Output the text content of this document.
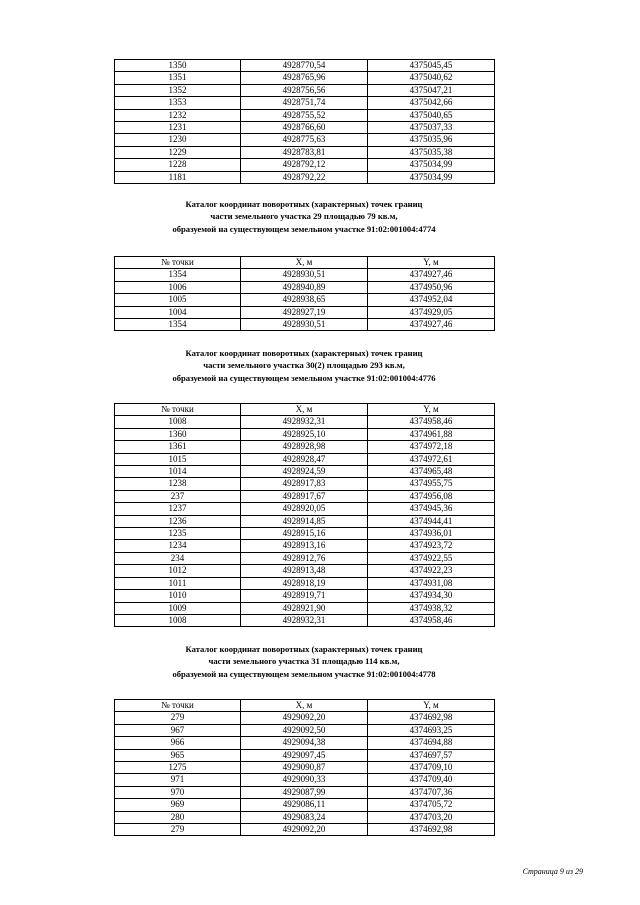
1350	4928770,54	4375045,45
1351	4928765,96	4375040,62
1352	4928756,56	4375047,21
1353	4928751,74	4375042,66
1232	4928755,52	4375040,65
1231	4928766,60	4375037,33
1230	4928775,63	4375035,96
1229	4928783,81	4375035,38
1228	4928792,12	4375034,99
1181	4928792,22	4375034,99
Каталог координат поворотных (характерных) точек границ
части земельного участка 29 площадью 79 кв.м,
образуемой на существующем земельном участке 91:02:001004:4774
№ точки	X, м	Y, м
1354	4928930,51	4374927,46
1006	4928940,89	4374950,96
1005	4928938,65	4374952,04
1004	4928927,19	4374929,05
1354	4928930,51	4374927,46
Каталог координат поворотных (характерных) точек границ
части земельного участка 30(2) площадью 293 кв.м,
образуемой на существующем земельном участке 91:02:001004:4776
№ точки	X, м	Y, м
1008	4928932,31	4374958,46
1360	4928925,10	4374961,88
1361	4928928,98	4374972,18
1015	4928928,47	4374972,61
1014	4928924,59	4374965,48
1238	4928917,83	4374955,75
237	4928917,67	4374956,08
1237	4928920,05	4374945,36
1236	4928914,85	4374944,41
1235	4928915,16	4374936,01
1234	4928913,16	4374923,72
234	4928912,76	4374922,55
1012	4928913,48	4374922,23
1011	4928918,19	4374931,08
1010	4928919,71	4374934,30
1009	4928921,90	4374938,32
1008	4928932,31	4374958,46
Каталог координат поворотных (характерных) точек границ
части земельного участка 31 площадью 114 кв.м,
образуемой на существующем земельном участке 91:02:001004:4778
№ точки	X, м	Y, м
279	4929092,20	4374692,98
967	4929092,50	4374693,25
966	4929094,38	4374694,88
965	4929097,45	4374697,57
1275	4929090,87	4374709,10
971	4929090,33	4374709,40
970	4929087,99	4374707,36
969	4929086,11	4374705,72
280	4929083,24	4374703,20
279	4929092,20	4374692,98
Страница 9 из 29
